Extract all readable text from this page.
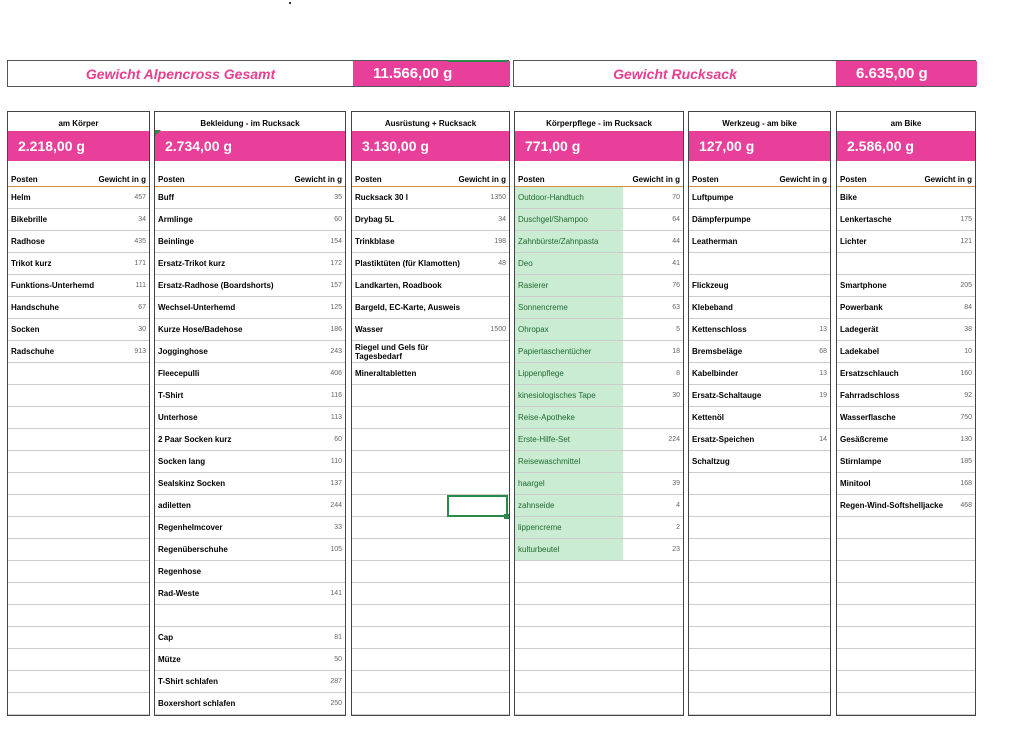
Gewicht Alpencross Gesamt	11.566,00 g	Gewicht Rucksack	6.635,00 g
am Körper
2.218,00 g
Posten	Gewicht in g
Helm	457
Bikebrille	34
Radhose	435
Trikot kurz	171
Funktions-Unterhemd	111
Handschuhe	67
Socken	30
Radschuhe	913
Bekleidung - im Rucksack
2.734,00 g
Posten	Gewicht in g
Buff	35
Armlinge	60
Beinlinge	154
Ersatz-Trikot kurz	172
Ersatz-Radhose (Boardshorts)	157
Wechsel-Unterhemd	125
Kurze Hose/Badehose	186
Jogginghose	243
Fleecepulli	406
T-Shirt	116
Unterhose	113
2 Paar Socken kurz	60
Socken lang	110
Sealskinz Socken	137
adiletten	244
Regenhelmcover	33
Regenüberschuhe	105
Regenhose
Rad-Weste	141
Cap	81
Mütze	50
T-Shirt schlafen	287
Boxershort schlafen	250
Ausrüstung + Rucksack
3.130,00 g
Posten	Gewicht in g
Rucksack 30 l	1350
Drybag 5L	34
Trinkblase	198
Plastiktüten (für Klamotten)	48
Landkarten, Roadbook
Bargeld, EC-Karte, Ausweis
Wasser	1500
Riegel und Gels für Tagesbedarf
Mineraltabletten
Körperpflege - im Rucksack
771,00 g
Posten	Gewicht in g
Outdoor-Handtuch	70
Duschgel/Shampoo	64
Zahnbürste/Zahnpasta	44
Deo	41
Rasierer	76
Sonnencreme	63
Ohropax	5
Papiertaschentücher	18
Lippenpflege	8
kinesiologisches Tape	30
Reise-Apotheke
Erste-Hilfe-Set	224
Reisewaschmittel
haargel	39
zahnseide	4
lippencreme	2
kulturbeutel	23
Werkzeug - am bike
127,00 g
Posten	Gewicht in g
Luftpumpe
Dämpferpumpe
Leatherman
Flickzeug
Klebeband
Kettenschloss	13
Bremsbeläge	68
Kabelbinder	13
Ersatz-Schaltauge	19
Kettenöl
Ersatz-Speichen	14
Schaltzug
am Bike
2.586,00 g
Posten	Gewicht in g
Bike
Lenkertasche	175
Lichter	121
Smartphone	205
Powerbank	84
Ladegerät	38
Ladekabel	10
Ersatzschlauch	160
Fahrradschloss	92
Wasserflasche	750
Gesäßcreme	130
Stirnlampe	185
Minitool	168
Regen-Wind-Softshelljacke	468
